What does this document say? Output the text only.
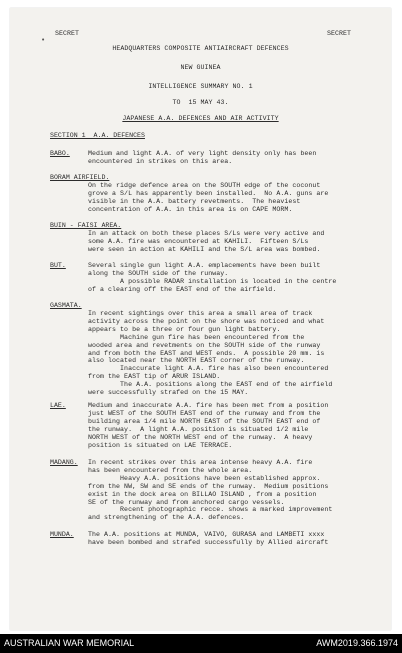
SECRET	SECRET
•
HEADQUARTERS COMPOSITE ANTIAIRCRAFT DEFENCES
NEW GUINEA
INTELLIGENCE SUMMARY NO. 1
TO  15 MAY 43.
JAPANESE A.A. DEFENCES AND AIR ACTIVITY
SECTION 1  A.A. DEFENCES
BABO.	Medium and light A.A. of very light density only has been
encountered in strikes on this area.
BORAM AIRFIELD.
On the ridge defence area on the SOUTH edge of the coconut
grove a S/L has apparently been installed.  No A.A. guns are
visible in the A.A. battery revetments.  The heaviest
concentration of A.A. in this area is on CAPE MORM.
BUIN - FAISI AREA.
In an attack on both these places S/Ls were very active and
some A.A. fire was encountered at KAHILI.  Fifteen S/Ls
were seen in action at KAHILI and the S/L area was bombed.
BUT.	Several single gun light A.A. emplacements have been built
along the SOUTH side of the runway.
A possible RADAR installation is located in the centre
of a clearing off the EAST end of the airfield.
GASMATA.
In recent sightings over this area a small area of track
activity across the point on the shore was noticed and what
appears to be a three or four gun light battery.
Machine gun fire has been encountered from the
wooded area and revetments on the SOUTH side of the runway
and from both the EAST and WEST ends.  A possible 20 mm. is
also located near the NORTH EAST corner of the runway.
Inaccurate light A.A. fire has also been encountered
from the EAST tip of ARUR ISLAND.
The A.A. positions along the EAST end of the airfield
were successfully strafed on the 15 MAY.
LAE.	Medium and inaccurate A.A. fire has been met from a position
just WEST of the SOUTH EAST end of the runway and from the
building area 1/4 mile NORTH EAST of the SOUTH EAST end of
the runway.  A light A.A. position is situated 1/2 mile
NORTH WEST of the NORTH WEST end of the runway.  A heavy
position is situated on LAE TERRACE.
MADANG. In recent strikes over this area intense heavy A.A. fire
has been encountered from the whole area.
Heavy A.A. positions have been established approx.
from the NW, SW and SE ends of the runway.  Medium positions
exist in the dock area on BILLAO ISLAND , from a position
SE of the runway and from anchored cargo vessels.
Recent photographic recce. shows a marked improvement
and strengthening of the A.A. defences.
MUNDA. The A.A. positions at MUNDA, VAIVO, GURASA and LAMBETI xxxx
have been bombed and strafed successfully by Allied aircraft
AUSTRALIAN WAR MEMORIAL	AWM2019.366.1974
